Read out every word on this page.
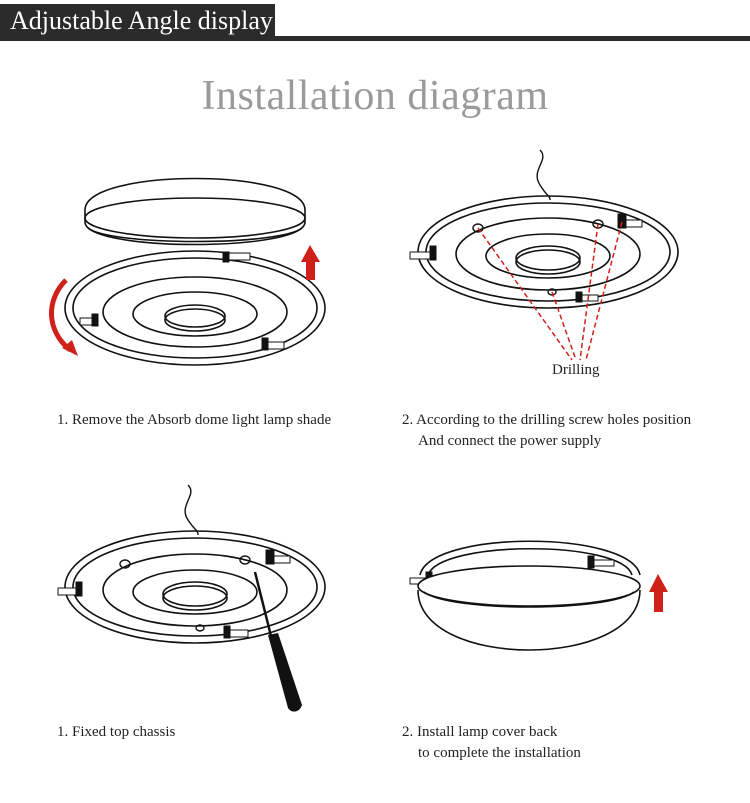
Adjustable Angle display
Installation diagram
Drilling
1. Remove the Absorb dome light lamp shade	2. According to the drilling screw holes position
And connect the power supply
1. Fixed top chassis	2. Install lamp cover back
to complete the installation
